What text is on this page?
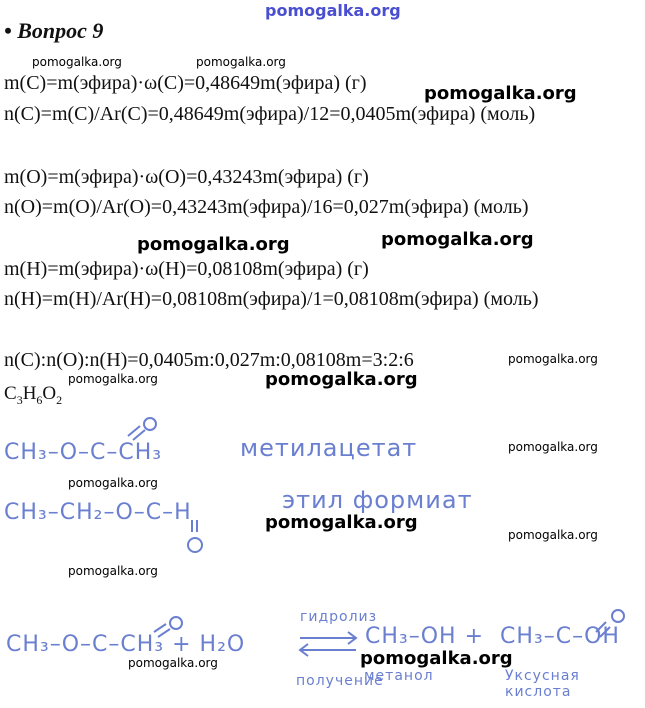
pomogalka.org
• Вопрос 9
pomogalka.org	pomogalka.org
m(C)=m(эфира)·ω(C)=0,48649m(эфира) (г)	pomogalka.org
n(C)=m(C)/Ar(C)=0,48649m(эфира)/12=0,0405m(эфира) (моль)
m(O)=m(эфира)·ω(O)=0,43243m(эфира) (г)
n(O)=m(O)/Ar(O)=0,43243m(эфира)/16=0,027m(эфира) (моль)
pomogalka.org	pomogalka.org
m(H)=m(эфира)·ω(H)=0,08108m(эфира) (г)
n(H)=m(H)/Ar(H)=0,08108m(эфира)/1=0,08108m(эфира) (моль)
n(C):n(O):n(H)=0,0405m:0,027m:0,08108m=3:2:6	pomogalka.org
pomogalka.org	pomogalka.org
$C_3H_6O_2$
pomogalka.org
pomogalka.org
pomogalka.org
pomogalka.org
pomogalka.org
CH₃–O–C–CH₃	метилацетат
CH₃–CH₂–O–C–H	этил формиат
гидролиз
CH₃–O–C–CH₃ + H₂O	CH₃–OH + CH₃–C–OH
получение
метанол	Уксусная кислота
pomogalka.org	pomogalka.org
